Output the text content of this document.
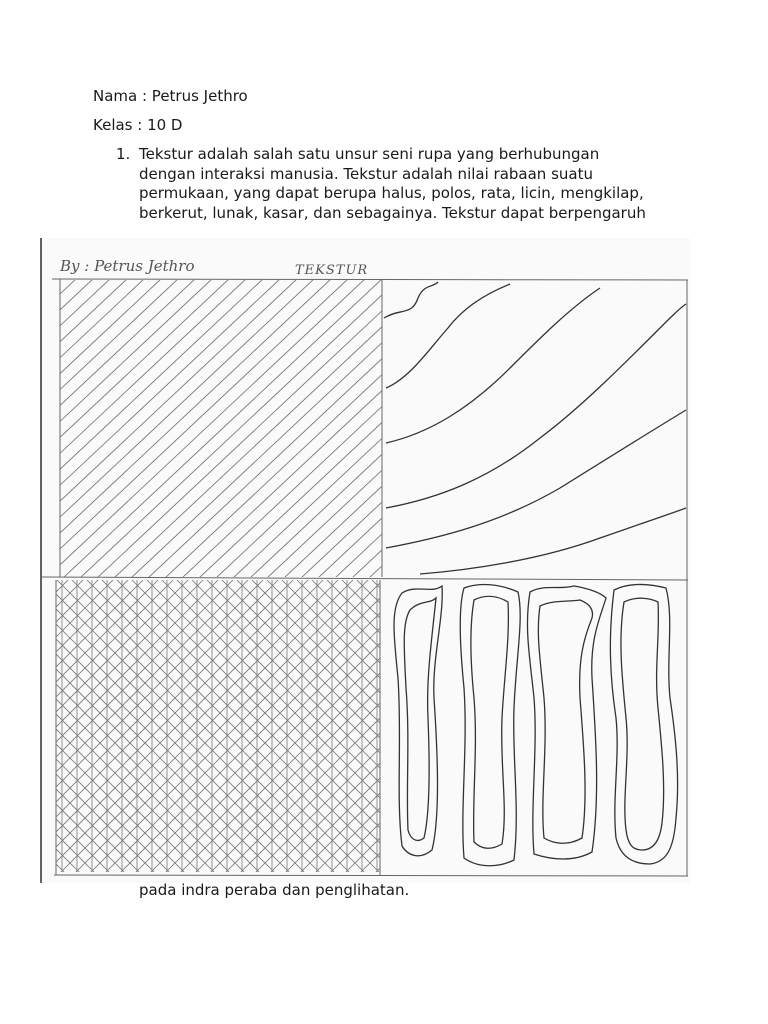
Nama : Petrus Jethro
Kelas : 10 D
1. Tekstur adalah salah satu unsur seni rupa yang berhubungan
dengan interaksi manusia. Tekstur adalah nilai rabaan suatu
permukaan, yang dapat berupa halus, polos, rata, licin, mengkilap,
berkerut, lunak, kasar, dan sebagainya. Tekstur dapat berpengaruh
By : Petrus Jethro	TEKSTUR
pada indra peraba dan penglihatan.
